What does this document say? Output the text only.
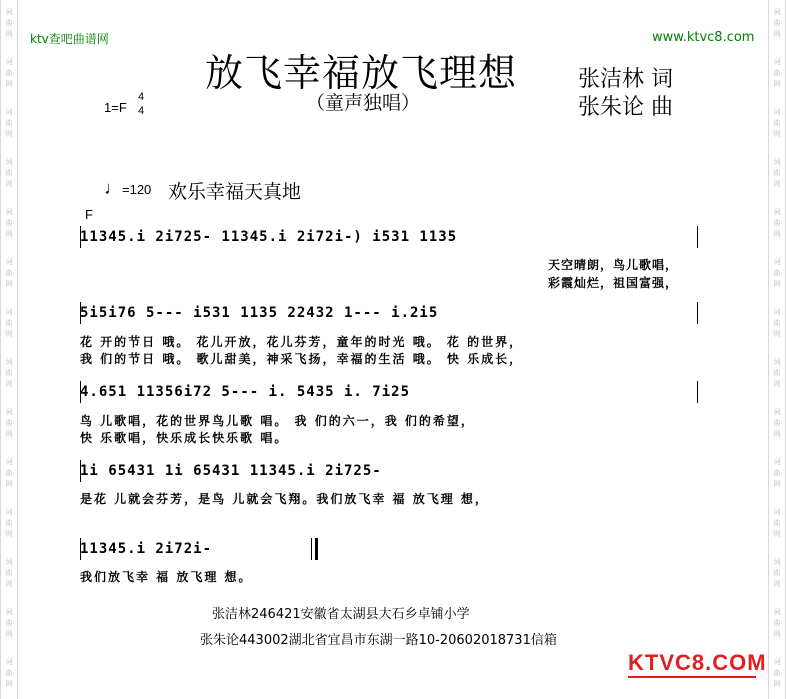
词
曲
网
词
曲
网
词
曲
网
词
曲
网
词
曲
网
词
曲
网
词
曲
网
词
曲
网
词
曲
网
词
曲
网
词
曲
网
词
曲
网
词
曲
网
词
曲
网
词
曲
网
词
曲
网
词
曲
网
词
曲
网
词
曲
网
词
曲
网
词
曲
网
词
曲
网
词
曲
网
词
曲
网
词
曲
网
词
曲
网
词
曲
网
词
曲
网
ktv查吧曲谱网	www.ktvc8.com
放飞幸福放飞理想
（童声独唱）
张洁林 词
张朱论 曲
1=F
4
4
♩=120 欢乐幸福天真地
F
11345.i 2i725- 11345.i 2i72i-) i531 1135
天空晴朗，鸟儿歌唱，
彩霞灿烂，祖国富强，
5i5i76 5--- i531 1135 22432 1--- i.2i5
花 开的节日 哦。 花儿开放，花儿芬芳，童年的时光 哦。 花 的世界，
我 们的节日 哦。 歌儿甜美，神采飞扬，幸福的生活 哦。 快 乐成长，
4.651 11356i72 5--- i. 5435 i. 7i25
鸟 儿歌唱，花的世界鸟儿歌 唱。 我 们的六一，我 们的希望，
快 乐歌唱，快乐成长快乐歌 唱。
1i 65431 1i 65431 11345.i 2i725-
是花 儿就会芬芳，是鸟 儿就会飞翔。我们放飞幸 福 放飞理 想，
11345.i 2i72i-
我们放飞幸 福 放飞理 想。
张洁林246421安徽省太湖县大石乡卓铺小学
张朱论443002湖北省宜昌市东湖一路10-20602018731信箱
KTVC8.COM
